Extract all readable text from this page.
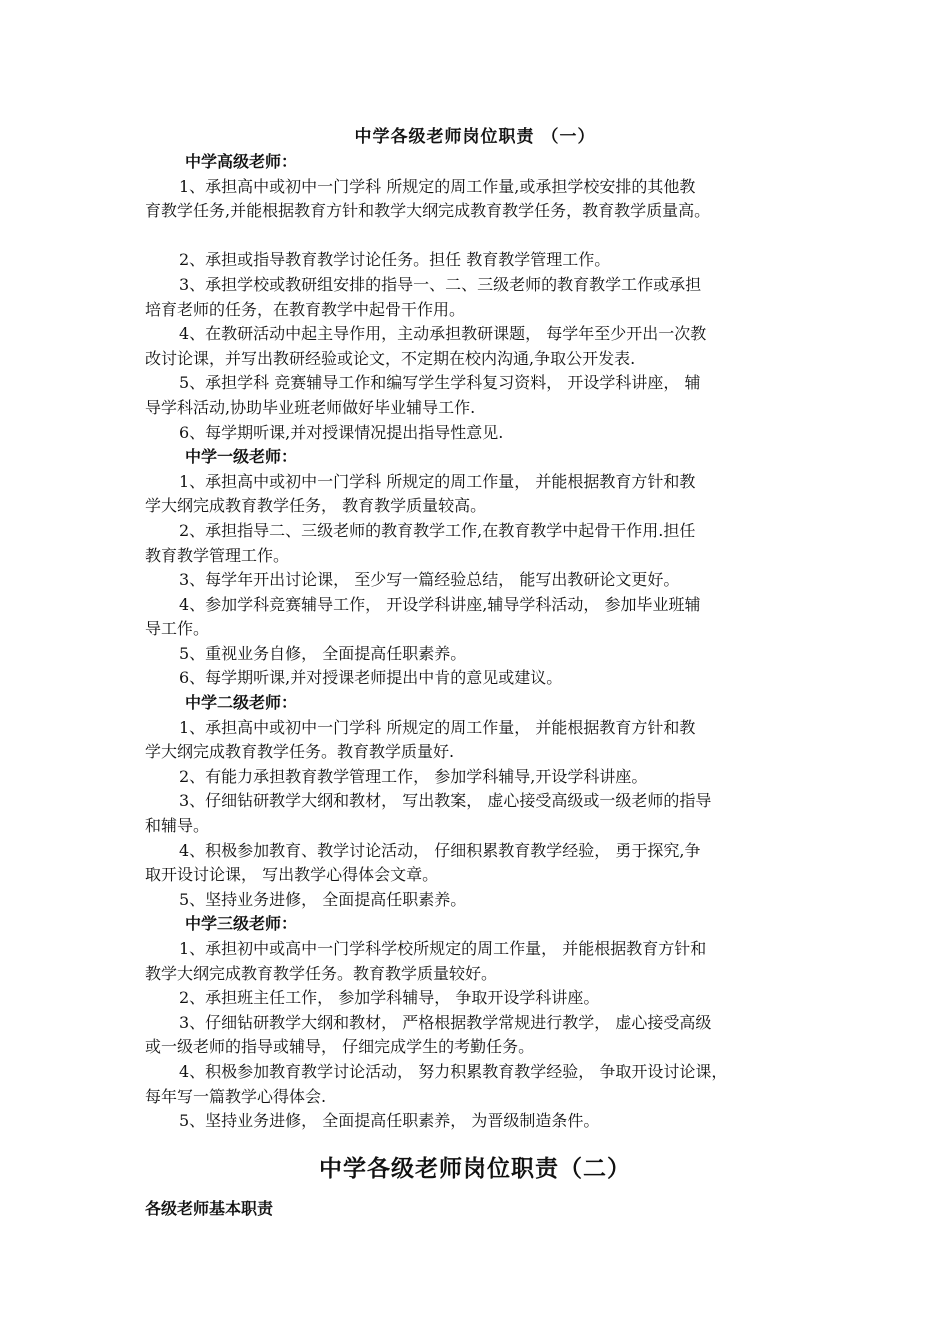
中学各级老师岗位职责 （一）
中学高级老师：
1、承担高中或初中一门学科 所规定的周工作量,或承担学校安排的其他教
育教学任务,并能根据教育方针和教学大纲完成教育教学任务，教育教学质量高。
2、承担或指导教育教学讨论任务。担任 教育教学管理工作。
3、承担学校或教研组安排的指导一、二、三级老师的教育教学工作或承担
培育老师的任务，在教育教学中起骨干作用。
4、在教研活动中起主导作用，主动承担教研课题， 每学年至少开出一次教
改讨论课，并写出教研经验或论文，不定期在校内沟通,争取公开发表.
5、承担学科 竞赛辅导工作和编写学生学科复习资料， 开设学科讲座， 辅
导学科活动,协助毕业班老师做好毕业辅导工作.
6、每学期听课,并对授课情况提出指导性意见.
中学一级老师：
1、承担高中或初中一门学科 所规定的周工作量， 并能根据教育方针和教
学大纲完成教育教学任务， 教育教学质量较高。
2、承担指导二、三级老师的教育教学工作,在教育教学中起骨干作用.担任
教育教学管理工作。
3、每学年开出讨论课， 至少写一篇经验总结， 能写出教研论文更好。
4、参加学科竞赛辅导工作， 开设学科讲座,辅导学科活动， 参加毕业班辅
导工作。
5、重视业务自修， 全面提高任职素养。
6、每学期听课,并对授课老师提出中肯的意见或建议。
中学二级老师：
1、承担高中或初中一门学科 所规定的周工作量， 并能根据教育方针和教
学大纲完成教育教学任务。教育教学质量好.
2、有能力承担教育教学管理工作， 参加学科辅导,开设学科讲座。
3、仔细钻研教学大纲和教材， 写出教案， 虚心接受高级或一级老师的指导
和辅导。
4、积极参加教育、教学讨论活动， 仔细积累教育教学经验， 勇于探究,争
取开设讨论课， 写出教学心得体会文章。
5、坚持业务进修， 全面提高任职素养。
中学三级老师：
1、承担初中或高中一门学科学校所规定的周工作量， 并能根据教育方针和
教学大纲完成教育教学任务。教育教学质量较好。
2、承担班主任工作， 参加学科辅导， 争取开设学科讲座。
3、仔细钻研教学大纲和教材， 严格根据教学常规进行教学， 虚心接受高级
或一级老师的指导或辅导， 仔细完成学生的考勤任务。
4、积极参加教育教学讨论活动， 努力积累教育教学经验， 争取开设讨论课，
每年写一篇教学心得体会.
5、坚持业务进修， 全面提高任职素养， 为晋级制造条件。
中学各级老师岗位职责（二）
各级老师基本职责
